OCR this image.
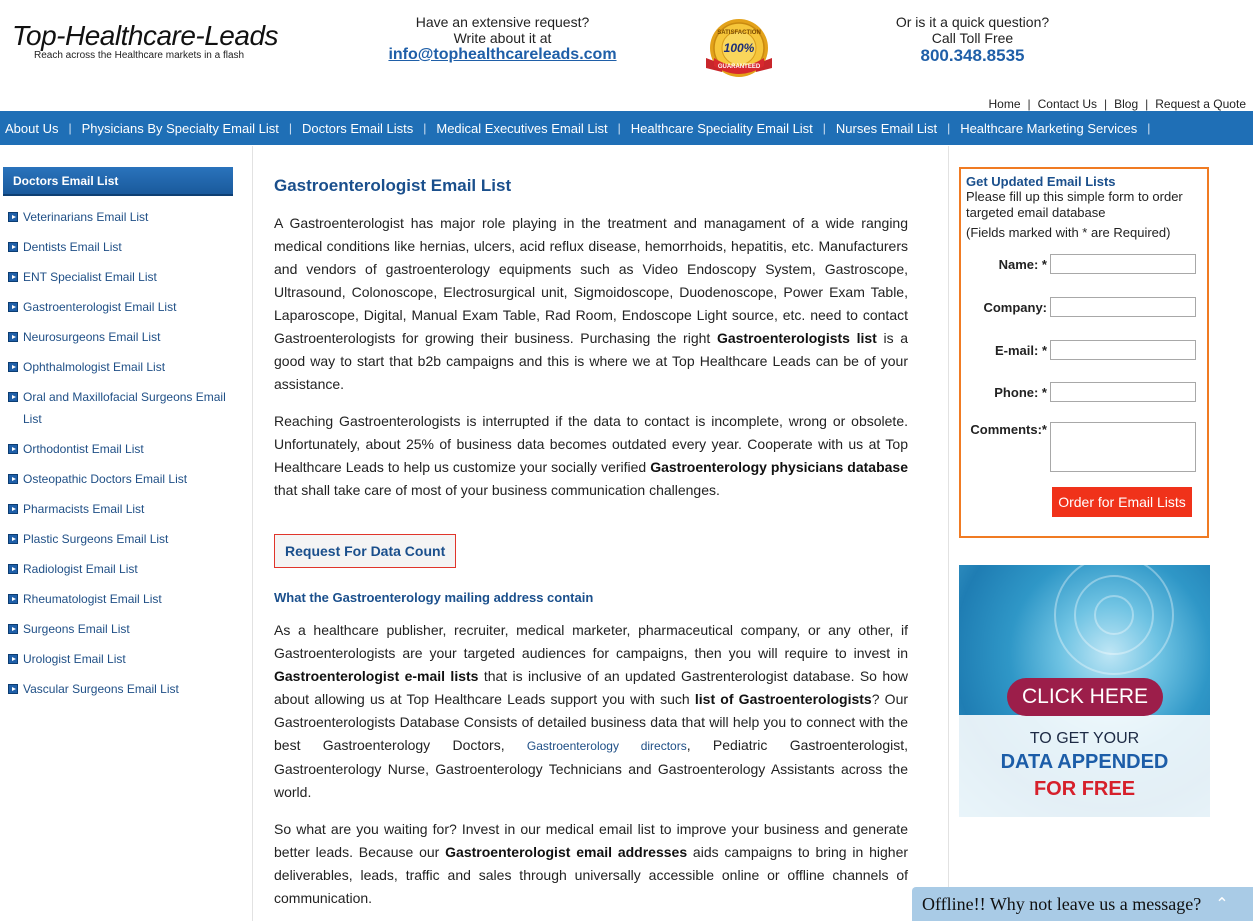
Top-Healthcare-Leads
Reach across the Healthcare markets in a flash
Have an extensive request?
Write about it at
info@tophealthcareleads.com
SATISFACTION
100%
GUARANTEED
Or is it a quick question?
Call Toll Free
800.348.8535
Home | Contact Us | Blog | Request a Quote
About Us | Physicians By Specialty Email List | Doctors Email Lists | Medical Executives Email List | Healthcare Speciality Email List | Nurses Email List | Healthcare Marketing Services |
Doctors Email List
Veterinarians Email List
Dentists Email List
ENT Specialist Email List
Gastroenterologist Email List
Neurosurgeons Email List
Ophthalmologist Email List
Oral and Maxillofacial Surgeons Email List
Orthodontist Email List
Osteopathic Doctors Email List
Pharmacists Email List
Plastic Surgeons Email List
Radiologist Email List
Rheumatologist Email List
Surgeons Email List
Urologist Email List
Vascular Surgeons Email List
Gastroenterologist Email List

A Gastroenterologist has major role playing in the treatment and managament of a wide ranging medical conditions like hernias, ulcers, acid reflux disease, hemorrhoids, hepatitis, etc. Manufacturers and vendors of gastroenterology equipments such as Video Endoscopy System, Gastroscope, Ultrasound, Colonoscope, Electrosurgical unit, Sigmoidoscope, Duodenoscope, Power Exam Table, Laparoscope, Digital, Manual Exam Table, Rad Room, Endoscope Light source, etc. need to contact Gastroenterologists for growing their business. Purchasing the right Gastroenterologists list is a good way to start that b2b campaigns and this is where we at Top Healthcare Leads can be of your assistance.

Reaching Gastroenterologists is interrupted if the data to contact is incomplete, wrong or obsolete. Unfortunately, about 25% of business data becomes outdated every year. Cooperate with us at Top Healthcare Leads to help us customize your socially verified Gastroenterology physicians database that shall take care of most of your business communication challenges.

Request For Data Count
What the Gastroenterology mailing address contain

As a healthcare publisher, recruiter, medical marketer, pharmaceutical company, or any other, if Gastroenterologists are your targeted audiences for campaigns, then you will require to invest in Gastroenterologist e-mail lists that is inclusive of an updated Gastrenterologist database. So how about allowing us at Top Healthcare Leads support you with such list of Gastroenterologists? Our Gastroenterologists Database Consists of detailed business data that will help you to connect with the best Gastroenterology Doctors, Gastroenterology directors, Pediatric Gastroenterologist, Gastroenterology Nurse, Gastroenterology Technicians and Gastroenterology Assistants across the world.

So what are you waiting for? Invest in our medical email list to improve your business and generate better leads. Because our Gastroenterologist email addresses aids campaigns to bring in higher deliverables, leads, traffic and sales through universally accessible online or offline channels of communication.

Get Updated Email Lists
Please fill up this simple form to order targeted email database
(Fields marked with * are Required)
Name: *
Company:
E-mail: *
Phone: *
Comments:*
Order for Email Lists
CLICK HERE
TO GET YOUR
DATA APPENDED
FOR FREE
Offline!! Why not leave us a message? ⌃
